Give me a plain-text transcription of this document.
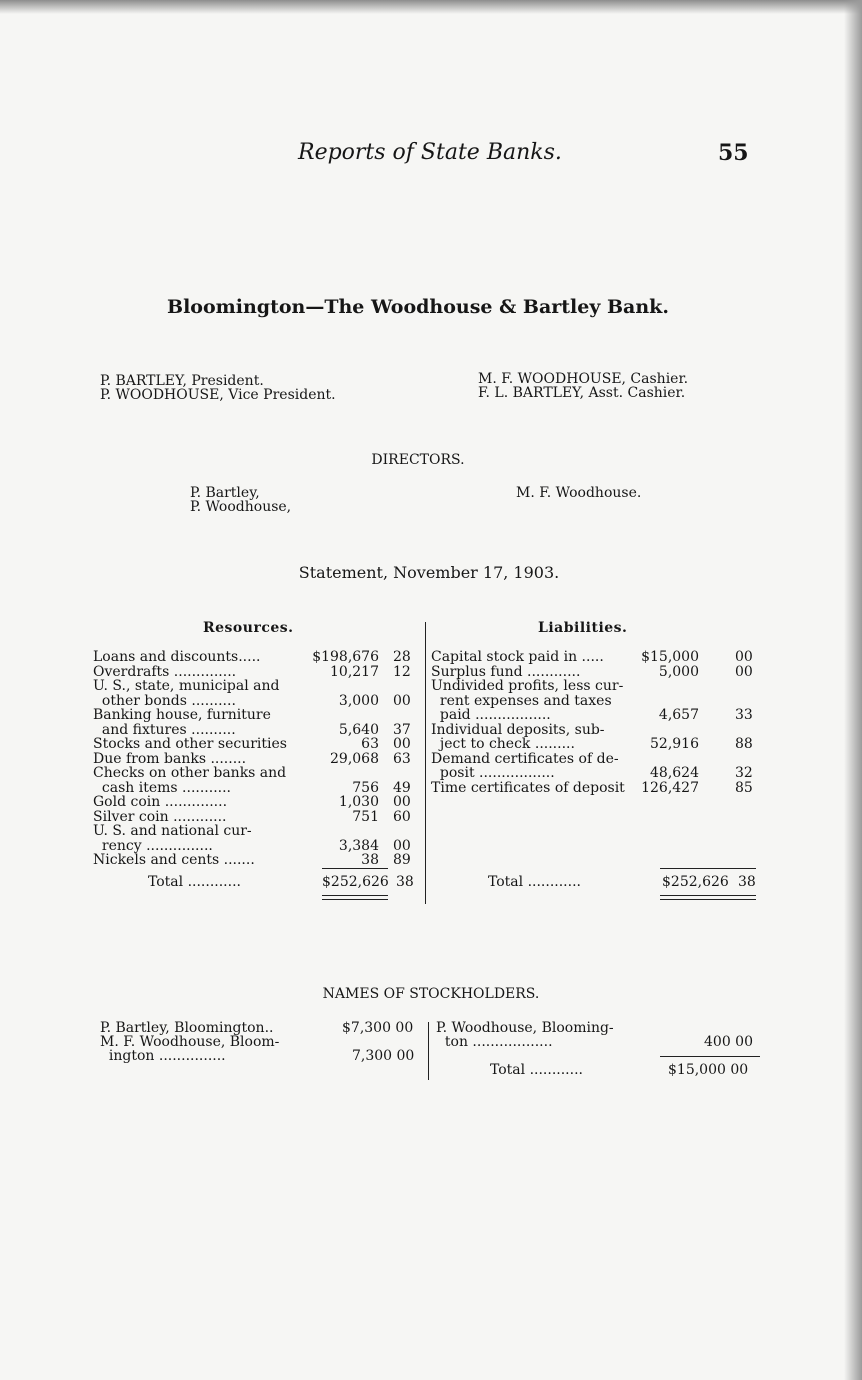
Reports of State Banks.	55
Bloomington—The Woodhouse & Bartley Bank.
P. BARTLEY, President.
P. WOODHOUSE, Vice President.
M. F. WOODHOUSE, Cashier.
F. L. BARTLEY, Asst. Cashier.
DIRECTORS.
P. Bartley,
P. Woodhouse,
M. F. Woodhouse.
Statement, November 17, 1903.
Resources.	Liabilities.
Loans and discounts.....	$198,676 28
Overdrafts ..............	10,217 12
U. S., state, municipal and
other bonds ..........	3,000 00
Banking house, furniture
and fixtures ..........	5,640 37
Stocks and other securities	63 00
Due from banks ........	29,068 63
Checks on other banks and
cash items ...........	756 49
Gold coin ..............	1,030 00
Silver coin ............	751 60
U. S. and national cur-
rency ...............	3,384 00
Nickels and cents .......	38 89
Capital stock paid in .....	$15,000	00
Surplus fund ............	5,000	00
Undivided profits, less cur-
rent expenses and taxes
paid .................	4,657	33
Individual deposits, sub-
ject to check .........	52,916	88
Demand certificates of de-
posit .................	48,624	32
Time certificates of deposit 126,427	85
Total ............	$252,626 38	Total ............	$252,626 38
NAMES OF STOCKHOLDERS.
P. Bartley, Bloomington..	$7,300 00
M. F. Woodhouse, Bloom-
ington ...............	7,300 00
P. Woodhouse, Blooming-
ton ..................	400 00
Total ............	$15,000 00
